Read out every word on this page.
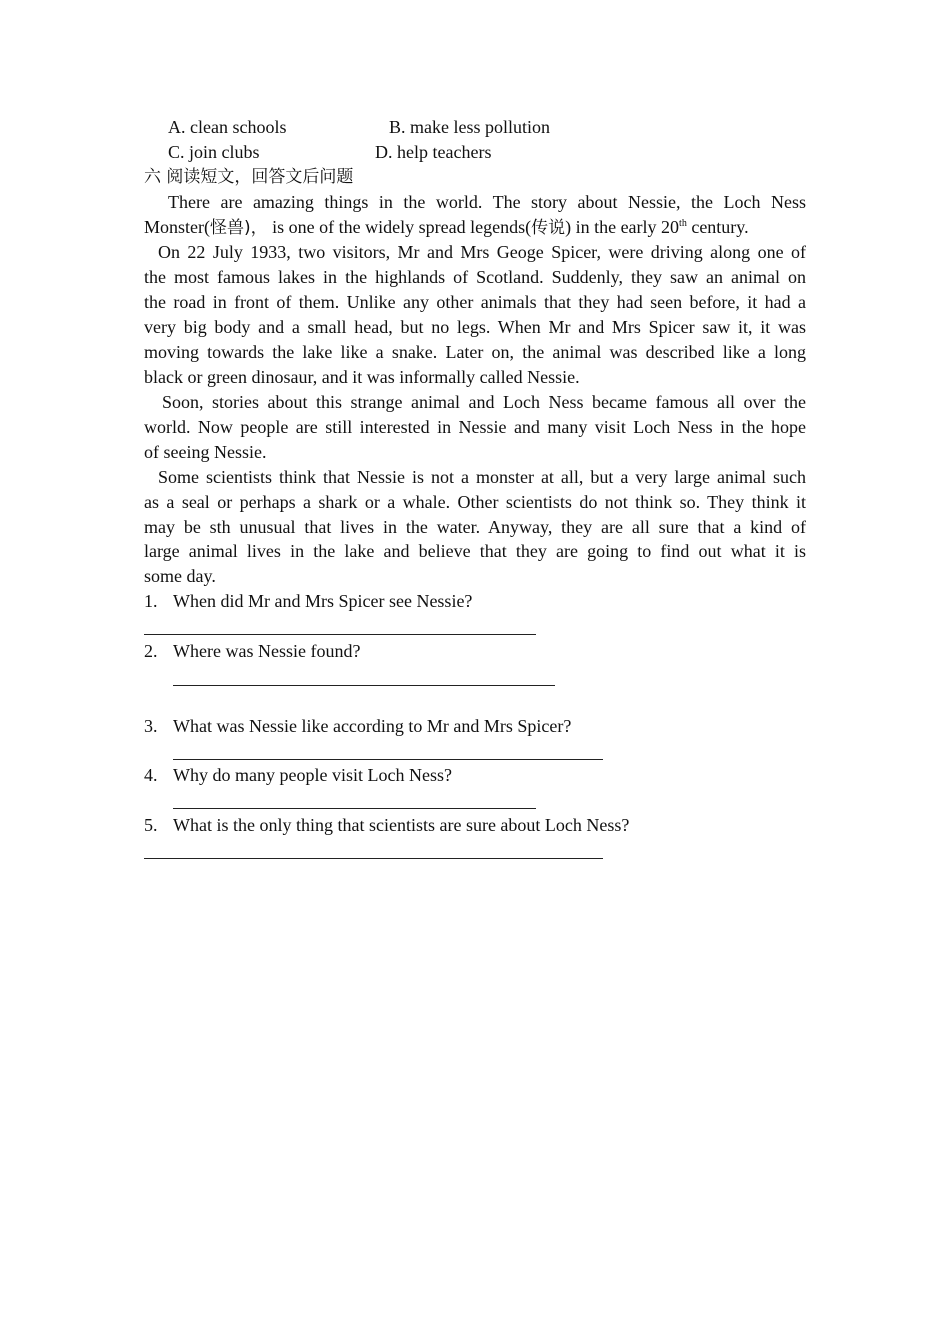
A. clean schools	B. make less pollution
C. join clubs	D. help teachers
六 阅读短文，回答文后问题
There are amazing things in the world. The story about Nessie, the Loch Ness
Monster(怪兽)， is one of the widely spread legends(传说) in the early 20th century.
On 22 July 1933, two visitors, Mr and Mrs Geoge Spicer, were driving along one of
the most famous lakes in the highlands of Scotland. Suddenly, they saw an animal on
the road in front of them. Unlike any other animals that they had seen before, it had a
very big body and a small head, but no legs. When Mr and Mrs Spicer saw it, it was
moving towards the lake like a snake. Later on, the animal was described like a long
black or green dinosaur, and it was informally called Nessie.
Soon, stories about this strange animal and Loch Ness became famous all over the
world. Now people are still interested in Nessie and many visit Loch Ness in the hope
of seeing Nessie.
Some scientists think that Nessie is not a monster at all, but a very large animal such
as a seal or perhaps a shark or a whale. Other scientists do not think so. They think it
may be sth unusual that lives in the water. Anyway, they are all sure that a kind of
large animal lives in the lake and believe that they are going to find out what it is
some day.
1. When did Mr and Mrs Spicer see Nessie?
2. Where was Nessie found?
3. What was Nessie like according to Mr and Mrs Spicer?
4. Why do many people visit Loch Ness?
5. What is the only thing that scientists are sure about Loch Ness?
